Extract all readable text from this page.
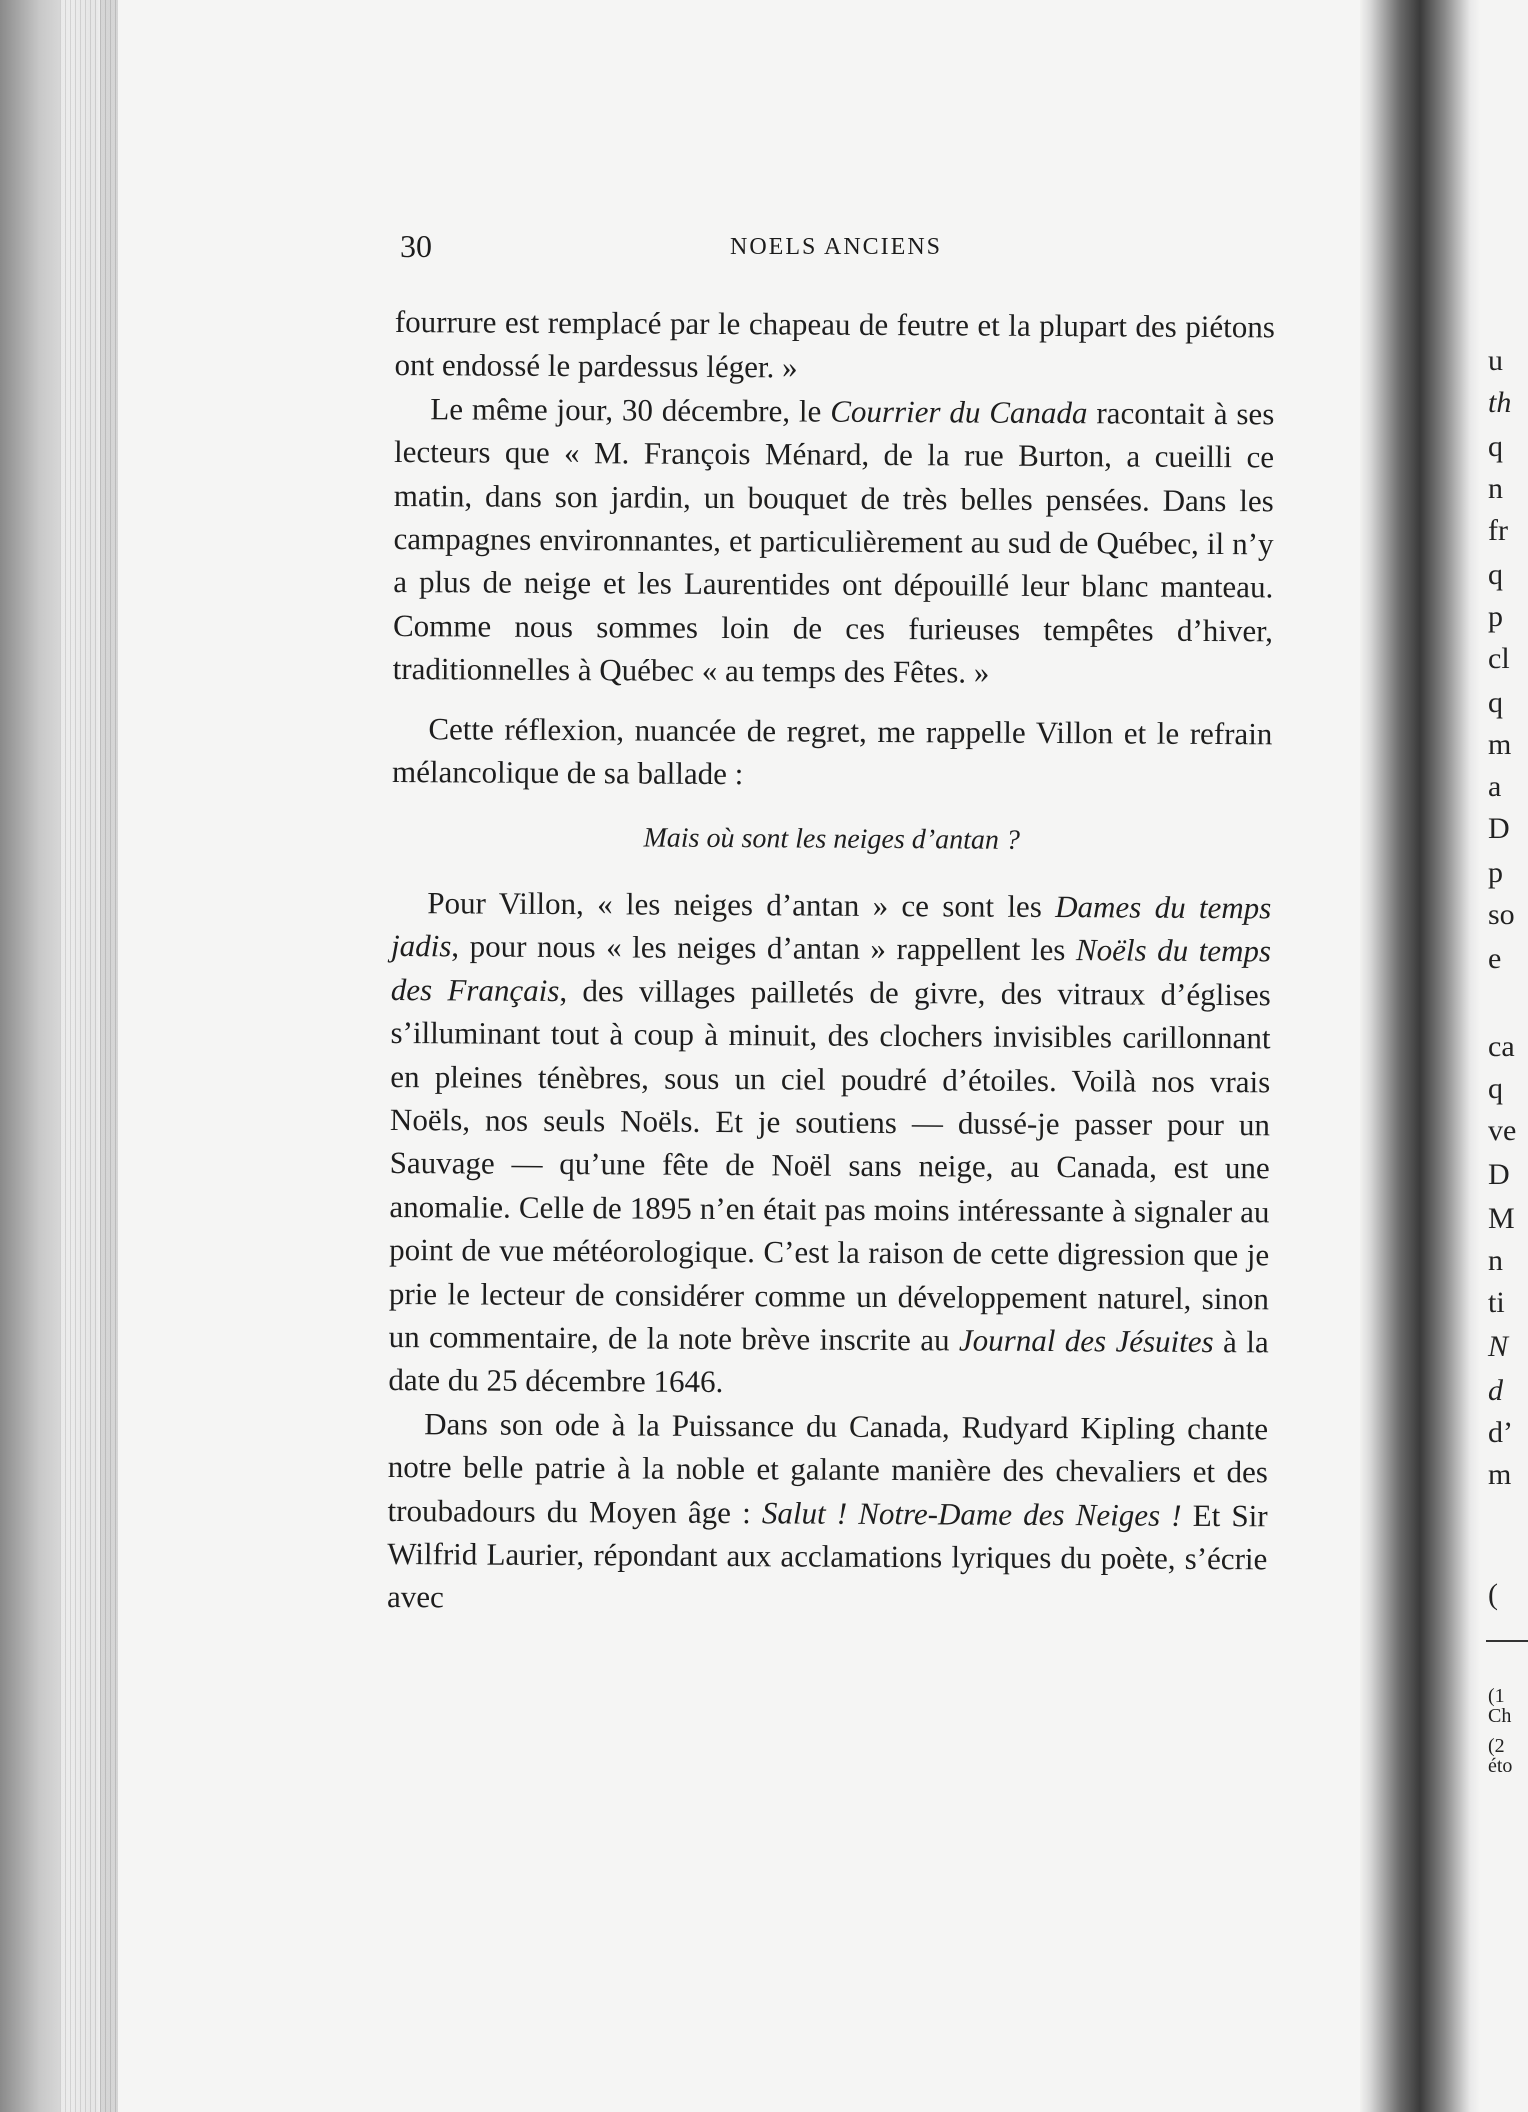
30	NOELS ANCIENS

fourrure est remplacé par le chapeau de feutre et la plupart des piétons ont endossé le pardessus léger. »

Le même jour, 30 décembre, le Courrier du Canada racontait à ses lecteurs que « M. François Ménard, de la rue Burton, a cueilli ce matin, dans son jardin, un bouquet de très belles pensées. Dans les campagnes environnantes, et particulièrement au sud de Québec, il n’y a plus de neige et les Laurentides ont dépouillé leur blanc manteau. Comme nous sommes loin de ces furieuses tempêtes d’hiver, traditionnelles à Québec « au temps des Fêtes. »

Cette réflexion, nuancée de regret, me rappelle Villon et le refrain mélancolique de sa ballade :

Mais où sont les neiges d’antan ?

Pour Villon, « les neiges d’antan » ce sont les Dames du temps jadis, pour nous « les neiges d’antan » rappellent les Noëls du temps des Français, des villages pailletés de givre, des vitraux d’églises s’illuminant tout à coup à minuit, des clochers invisibles carillonnant en pleines ténèbres, sous un ciel poudré d’étoiles. Voilà nos vrais Noëls, nos seuls Noëls. Et je soutiens — dussé-je passer pour un Sauvage — qu’une fête de Noël sans neige, au Canada, est une anomalie. Celle de 1895 n’en était pas moins intéressante à signaler au point de vue météorologique. C’est la raison de cette digression que je prie le lecteur de considérer comme un développement naturel, sinon un commentaire, de la note brève inscrite au Journal des Jésuites à la date du 25 décembre 1646.

Dans son ode à la Puissance du Canada, Rudyard Kipling chante notre belle patrie à la noble et galante manière des chevaliers et des troubadours du Moyen âge : Salut ! Notre-Dame des Neiges ! Et Sir Wilfrid Laurier, répondant aux acclamations lyriques du poète, s’écrie avec

u
th
q
n
fr
q
p
cl
q
m
a
D
p
so
e
ca
q
ve
D
M
n
ti
N
d
d’
m
(
(1
Ch
(2
éto
